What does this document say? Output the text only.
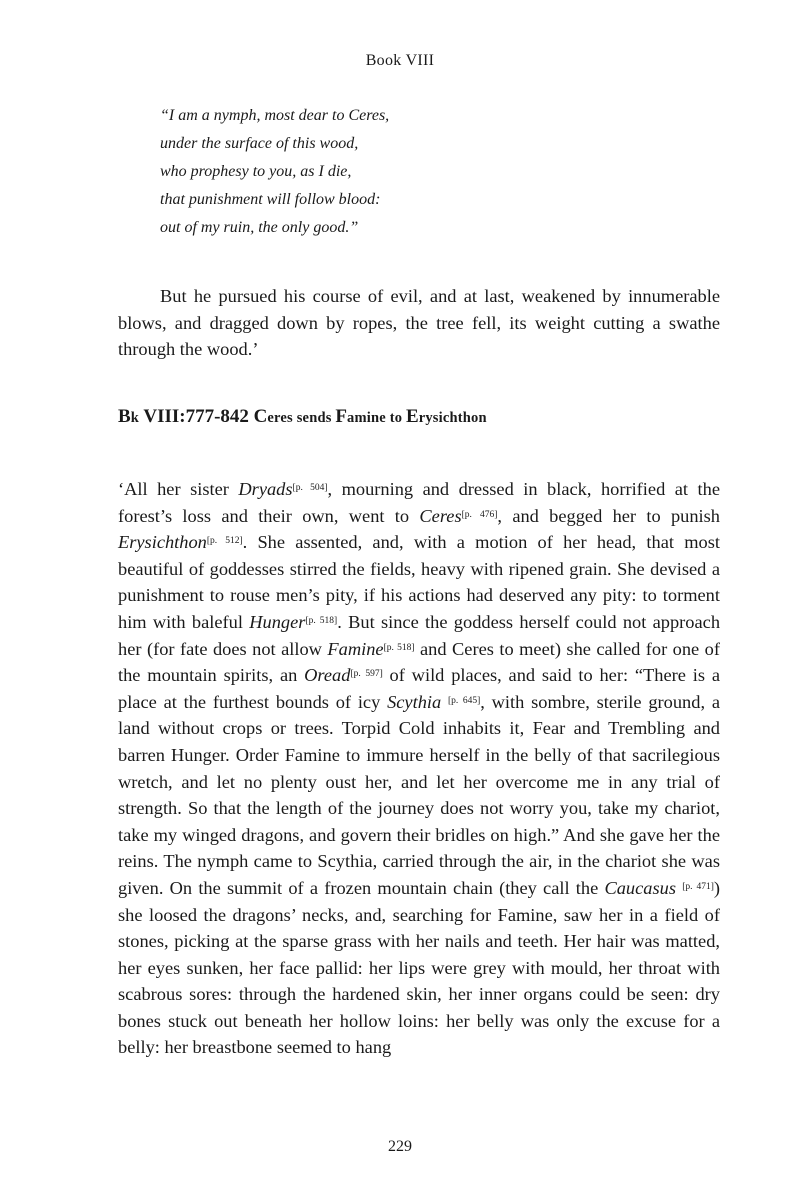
Book VIII
“I am a nymph, most dear to Ceres,
under the surface of this wood,
who prophesy to you, as I die,
that punishment will follow blood:
out of my ruin, the only good.”

But he pursued his course of evil, and at last, weakened by innumerable blows, and dragged down by ropes, the tree fell, its weight cutting a swathe through the wood.’

Bk VIII:777-842 Ceres sends Famine to Erysichthon

‘All her sister Dryads[p. 504], mourning and dressed in black, horrified at the forest’s loss and their own, went to Ceres[p. 476], and begged her to punish Erysichthon[p. 512]. She assented, and, with a motion of her head, that most beautiful of goddesses stirred the fields, heavy with ripened grain. She devised a punishment to rouse men’s pity, if his actions had deserved any pity: to torment him with baleful Hunger[p. 518]. But since the goddess herself could not approach her (for fate does not allow Famine[p. 518] and Ceres to meet) she called for one of the mountain spirits, an Oread[p. 597] of wild places, and said to her: “There is a place at the furthest bounds of icy Scythia [p. 645], with sombre, sterile ground, a land without crops or trees. Torpid Cold inhabits it, Fear and Trembling and barren Hunger. Order Famine to immure herself in the belly of that sacrilegious wretch, and let no plenty oust her, and let her overcome me in any trial of strength. So that the length of the journey does not worry you, take my chariot, take my winged dragons, and govern their bridles on high.” And she gave her the reins. The nymph came to Scythia, carried through the air, in the chariot she was given. On the summit of a frozen mountain chain (they call the Caucasus [p. 471]) she loosed the dragons’ necks, and, searching for Famine, saw her in a field of stones, picking at the sparse grass with her nails and teeth. Her hair was matted, her eyes sunken, her face pallid: her lips were grey with mould, her throat with scabrous sores: through the hardened skin, her inner organs could be seen: dry bones stuck out beneath her hollow loins: her belly was only the excuse for a belly: her breastbone seemed to hang

229
